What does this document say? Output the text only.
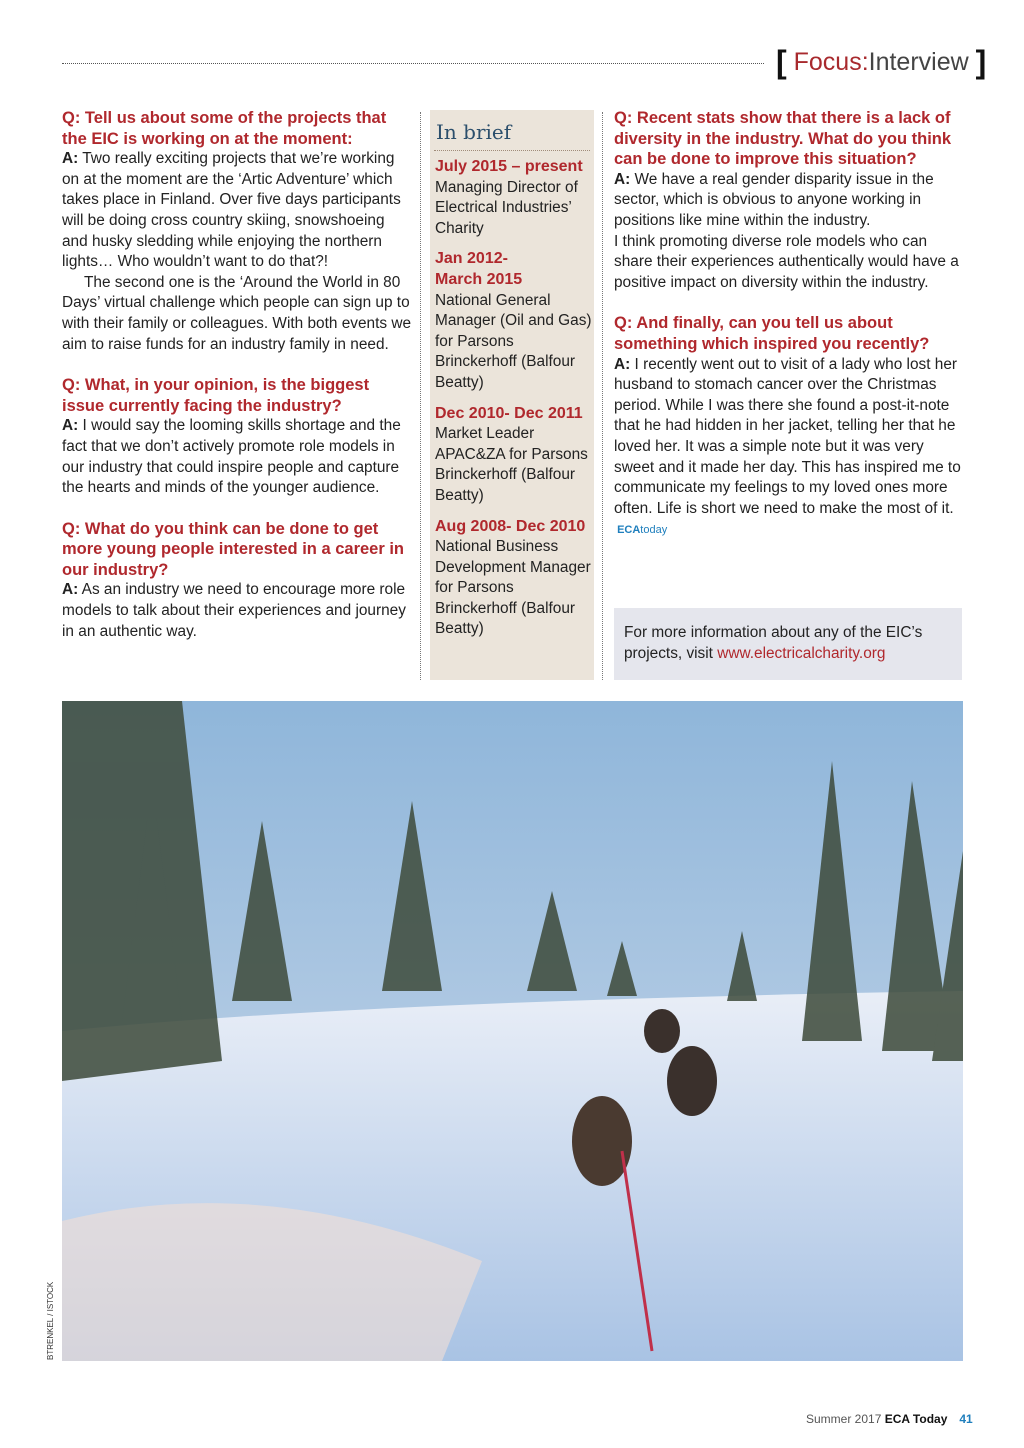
[ Focus:Interview ]

Q: Tell us about some of the projects that the EIC is working on at the moment:

A: Two really exciting projects that we’re working on at the moment are the ‘Artic Adventure’ which takes place in Finland. Over five days participants will be doing cross country skiing, snowshoeing and husky sledding while enjoying the northern lights… Who wouldn’t want to do that?!

The second one is the ‘Around the World in 80 Days’ virtual challenge which people can sign up to with their family or colleagues. With both events we aim to raise funds for an industry family in need.

Q: What, in your opinion, is the biggest issue currently facing the industry?

A: I would say the looming skills shortage and the fact that we don’t actively promote role models in our industry that could inspire people and capture the hearts and minds of the younger audience.

Q: What do you think can be done to get more young people interested in a career in our industry?

A: As an industry we need to encourage more role models to talk about their experiences and journey in an authentic way.

In brief

July 2015 – present

Managing Director of Electrical Industries’ Charity

Jan 2012- March 2015

National General Manager (Oil and Gas) for Parsons Brinckerhoff (Balfour Beatty)

Dec 2010- Dec 2011

Market Leader APAC&ZA for Parsons Brinckerhoff (Balfour Beatty)

Aug 2008- Dec 2010

National Business Development Manager for Parsons Brinckerhoff (Balfour Beatty)

Q: Recent stats show that there is a lack of diversity in the industry. What do you think can be done to improve this situation?

A: We have a real gender disparity issue in the sector, which is obvious to anyone working in positions like mine within the industry.

I think promoting diverse role models who can share their experiences authentically would have a positive impact on diversity within the industry.

Q: And finally, can you tell us about something which inspired you recently?

A: I recently went out to visit of a lady who lost her husband to stomach cancer over the Christmas period. While I was there she found a post-it-note that he had hidden in her jacket, telling her that he loved her. It was a simple note but it was very sweet and it made her day. This has inspired me to communicate my feelings to my loved ones more often. Life is short we need to make the most of it.  ECAtoday

For more information about any of the EIC’s projects, visit www.electricalcharity.org

BTRENKEL / ISTOCK
Summer 2017 ECA Today 41
